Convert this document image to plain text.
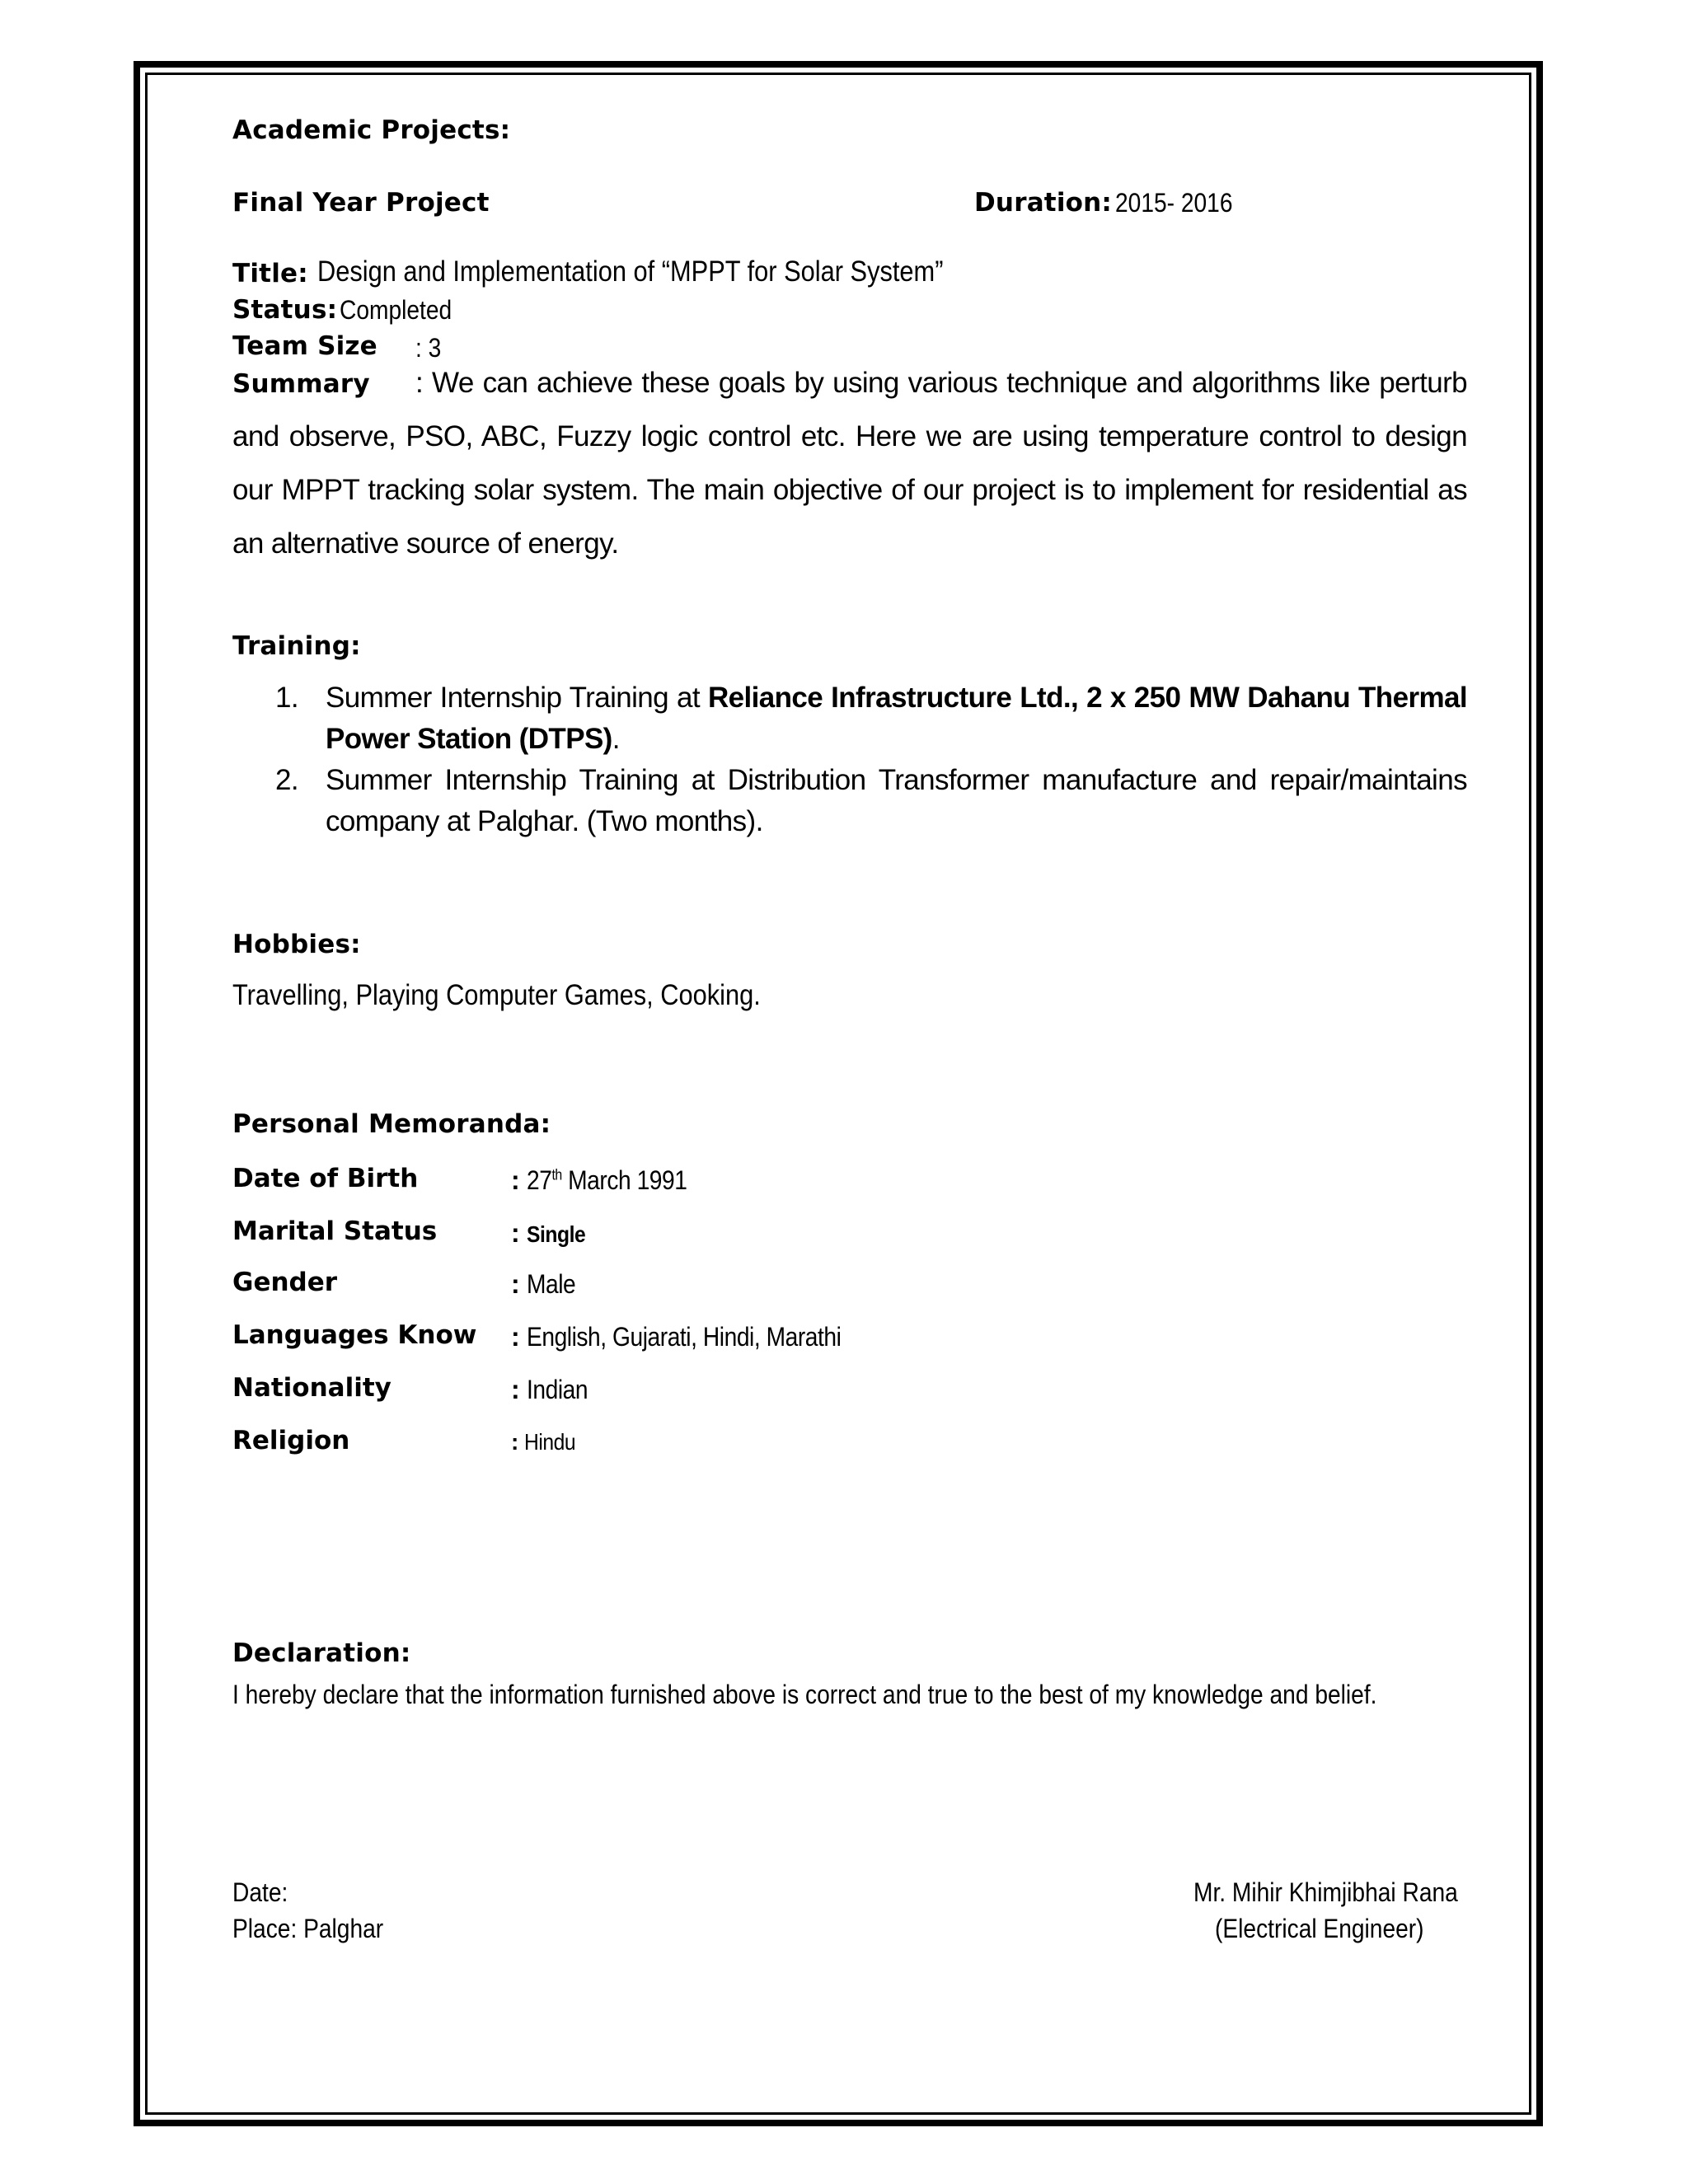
Academic Projects:
Final Year Project	Duration: 2015- 2016
Title: Design and Implementation of “MPPT for Solar System”
Status: Completed
Team Size : 3
Summary	: We can achieve these goals by using various technique and algorithms like perturb and observe, PSO, ABC, Fuzzy logic control etc. Here we are using temperature control to design our MPPT tracking solar system. The main objective of our project is to implement for residential as an alternative source of energy.
Training:
1. Summer Internship Training at Reliance Infrastructure Ltd., 2 x 250 MW Dahanu Thermal Power Station (DTPS).
2. Summer Internship Training at Distribution Transformer manufacture and repair/maintains company at Palghar. (Two months).
Hobbies:
Travelling, Playing Computer Games, Cooking.
Personal Memoranda:
Date of Birth	: 27th March 1991
Marital Status	: Single
Gender	: Male
Languages Know : English, Gujarati, Hindi, Marathi
Nationality	: Indian
Religion	: Hindu
Declaration:
I hereby declare that the information furnished above is correct and true to the best of my knowledge and belief.
Date:
Place: Palghar
Mr. Mihir Khimjibhai Rana
(Electrical Engineer)
